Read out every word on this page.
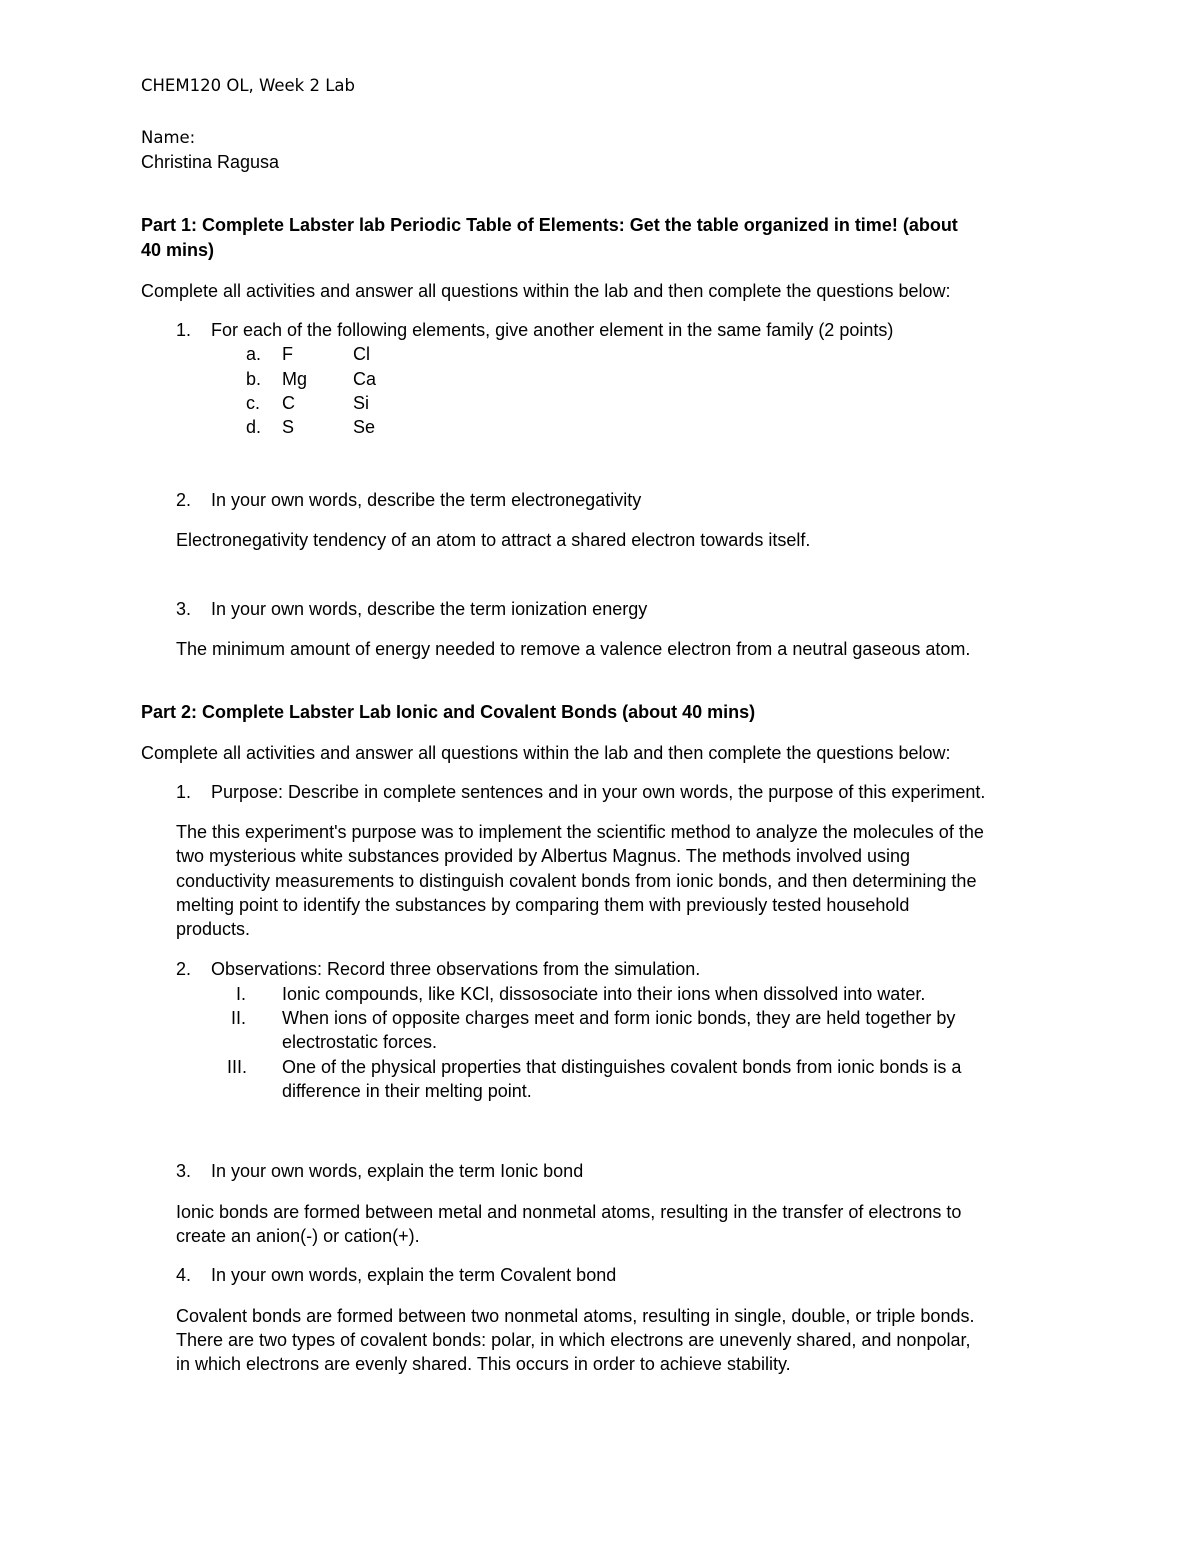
CHEM120 OL, Week 2 Lab
Name:
Christina Ragusa
Part 1: Complete Labster lab Periodic Table of Elements: Get the table organized in time! (about
40 mins)
Complete all activities and answer all questions within the lab and then complete the questions below:
1. For each of the following elements, give another element in the same family (2 points)
a. F	Cl
b. Mg	Ca
c. C	Si
d. S	Se
2. In your own words, describe the term electronegativity
Electronegativity tendency of an atom to attract a shared electron towards itself.
3. In your own words, describe the term ionization energy
The minimum amount of energy needed to remove a valence electron from a neutral gaseous atom.
Part 2: Complete Labster Lab Ionic and Covalent Bonds (about 40 mins)
Complete all activities and answer all questions within the lab and then complete the questions below:
1. Purpose: Describe in complete sentences and in your own words, the purpose of this experiment.
The this experiment's purpose was to implement the scientific method to analyze the molecules of the
two mysterious white substances provided by Albertus Magnus. The methods involved using
conductivity measurements to distinguish covalent bonds from ionic bonds, and then determining the
melting point to identify the substances by comparing them with previously tested household
products.
2. Observations: Record three observations from the simulation.
I. Ionic compounds, like KCl, dissosociate into their ions when dissolved into water.
II. When ions of opposite charges meet and form ionic bonds, they are held together by
electrostatic forces.
III. One of the physical properties that distinguishes covalent bonds from ionic bonds is a
difference in their melting point.
3. In your own words, explain the term Ionic bond
Ionic bonds are formed between metal and nonmetal atoms, resulting in the transfer of electrons to
create an anion(-) or cation(+).
4. In your own words, explain the term Covalent bond
Covalent bonds are formed between two nonmetal atoms, resulting in single, double, or triple bonds.
There are two types of covalent bonds: polar, in which electrons are unevenly shared, and nonpolar,
in which electrons are evenly shared. This occurs in order to achieve stability.
